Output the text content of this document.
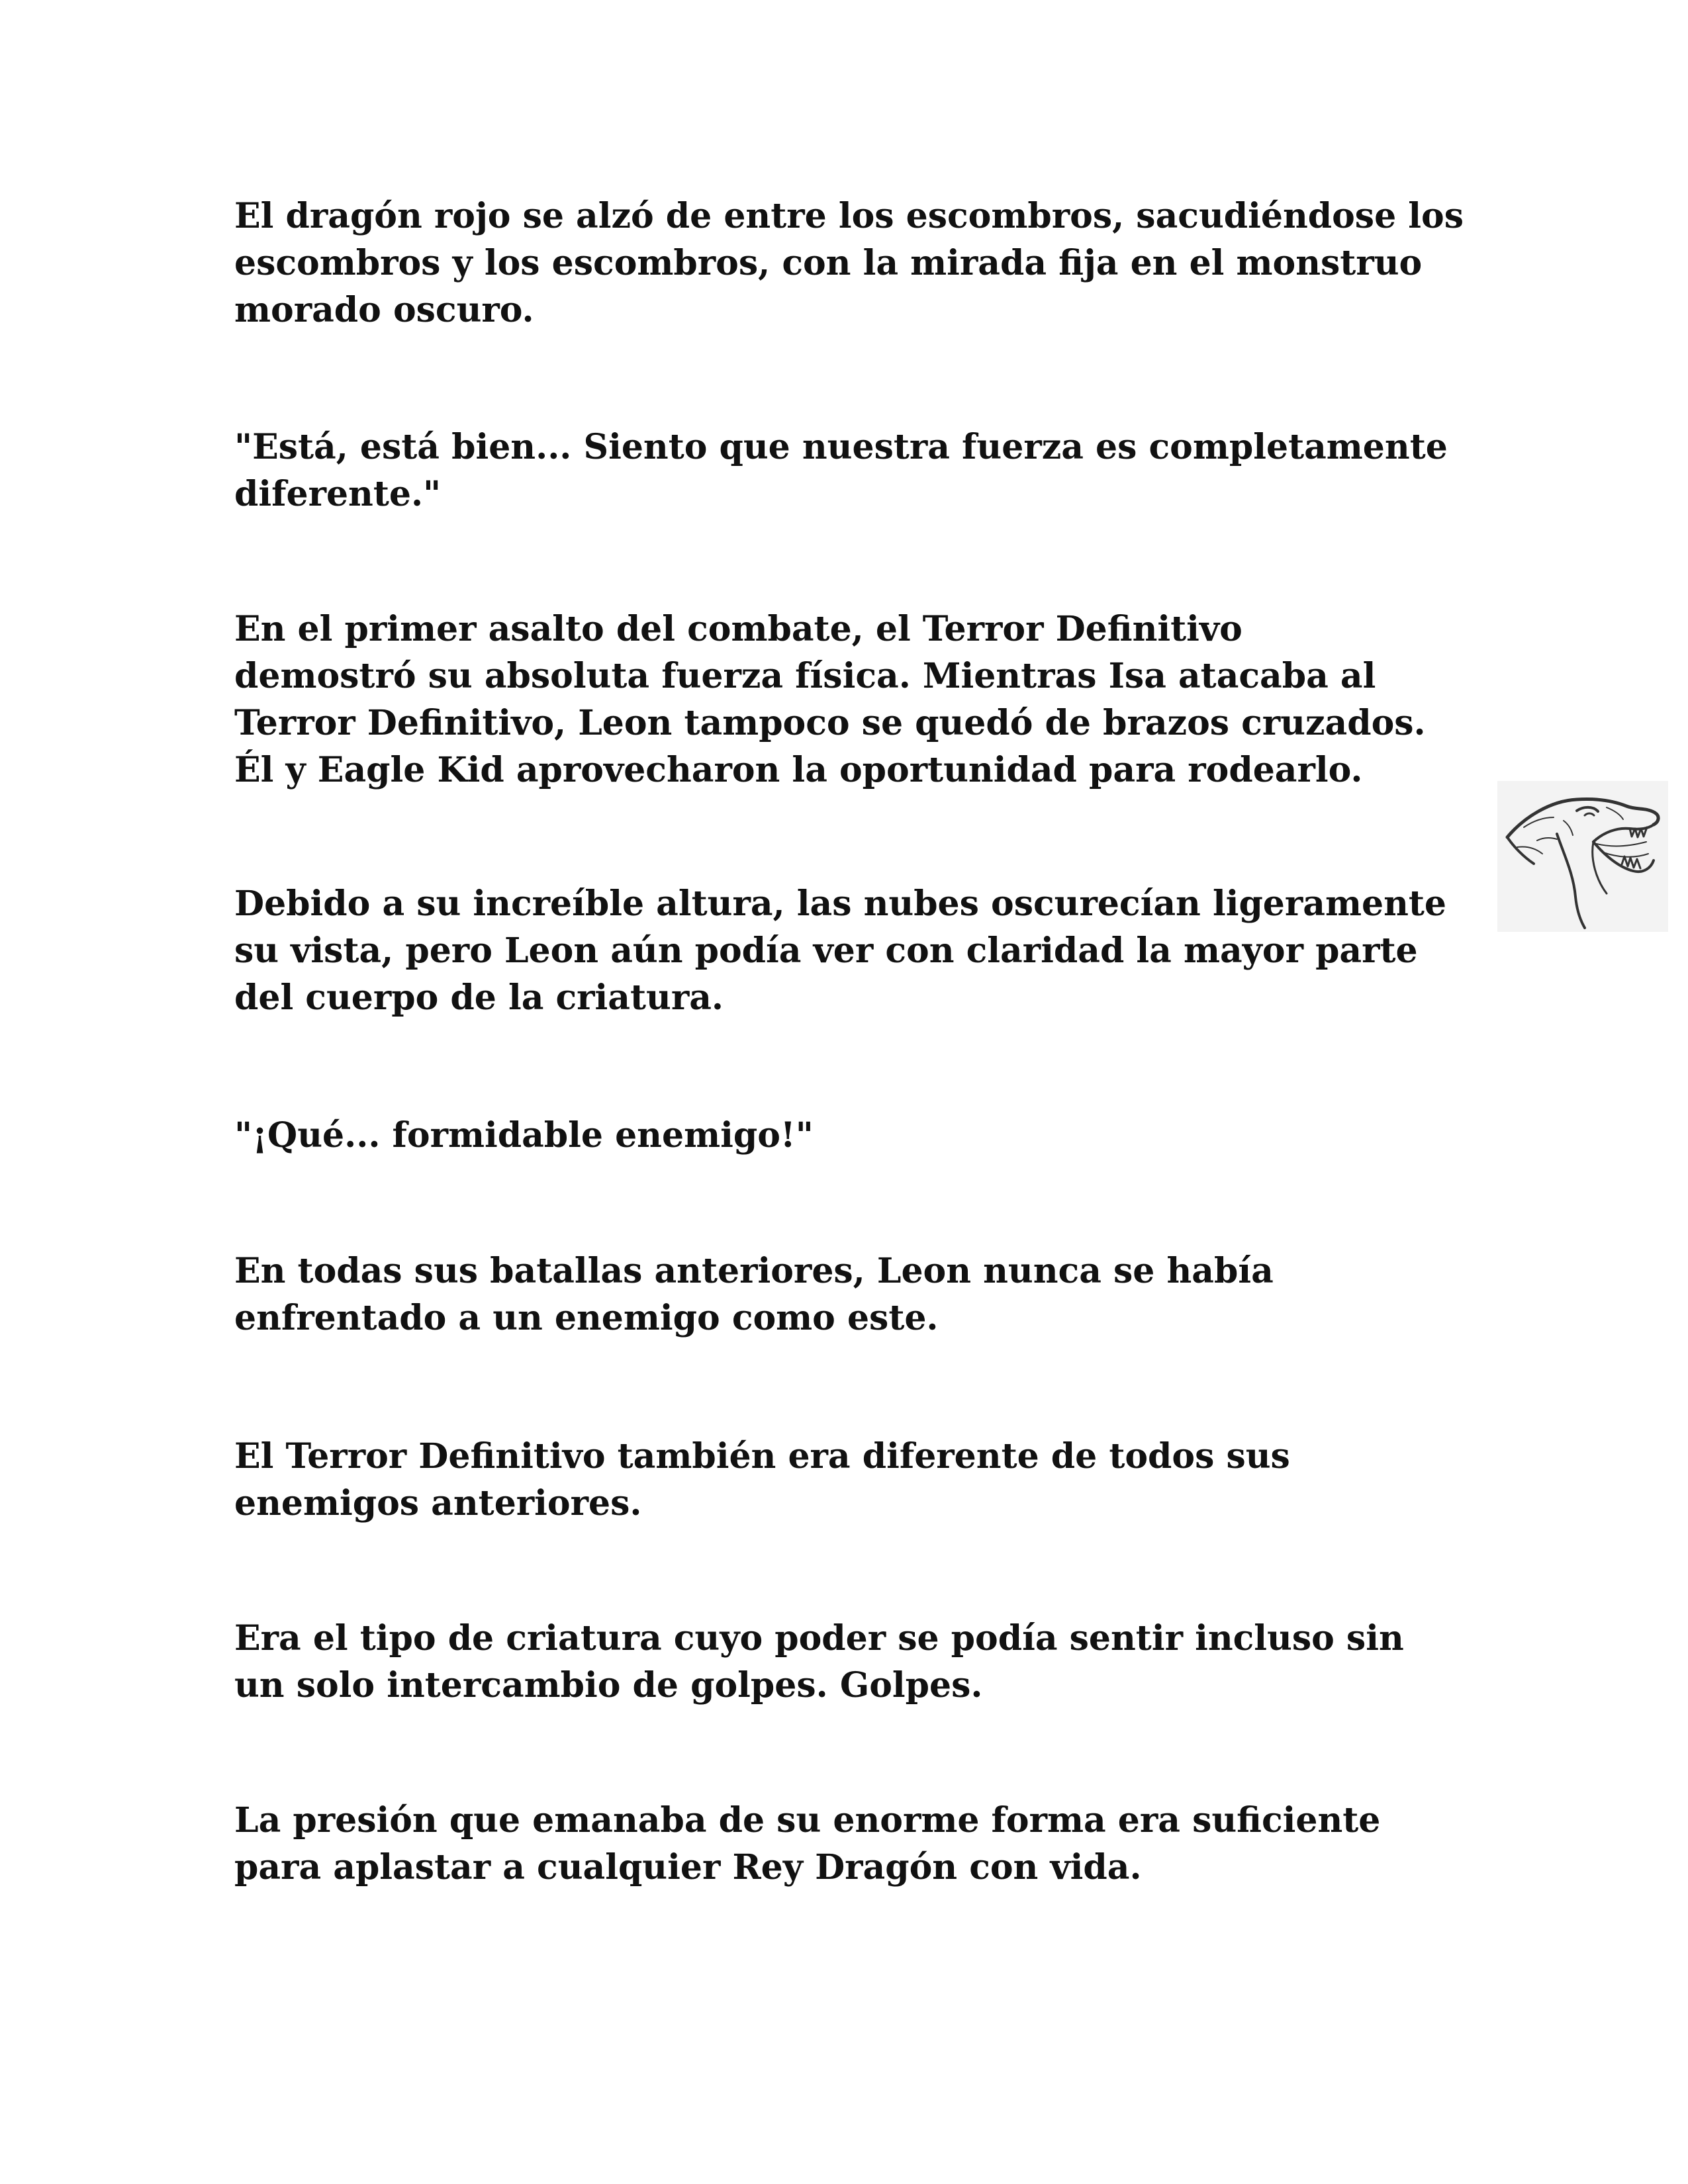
El dragón rojo se alzó de entre los escombros, sacudiéndose los
escombros y los escombros, con la mirada fija en el monstruo
morado oscuro.

"Está, está bien... Siento que nuestra fuerza es completamente
diferente."

En el primer asalto del combate, el Terror Definitivo
demostró su absoluta fuerza física. Mientras Isa atacaba al
Terror Definitivo, Leon tampoco se quedó de brazos cruzados.
Él y Eagle Kid aprovecharon la oportunidad para rodearlo.

Debido a su increíble altura, las nubes oscurecían ligeramente
su vista, pero Leon aún podía ver con claridad la mayor parte
del cuerpo de la criatura.

"¡Qué... formidable enemigo!"

En todas sus batallas anteriores, Leon nunca se había
enfrentado a un enemigo como este.

El Terror Definitivo también era diferente de todos sus
enemigos anteriores.

Era el tipo de criatura cuyo poder se podía sentir incluso sin
un solo intercambio de golpes. Golpes.

La presión que emanaba de su enorme forma era suficiente
para aplastar a cualquier Rey Dragón con vida.
